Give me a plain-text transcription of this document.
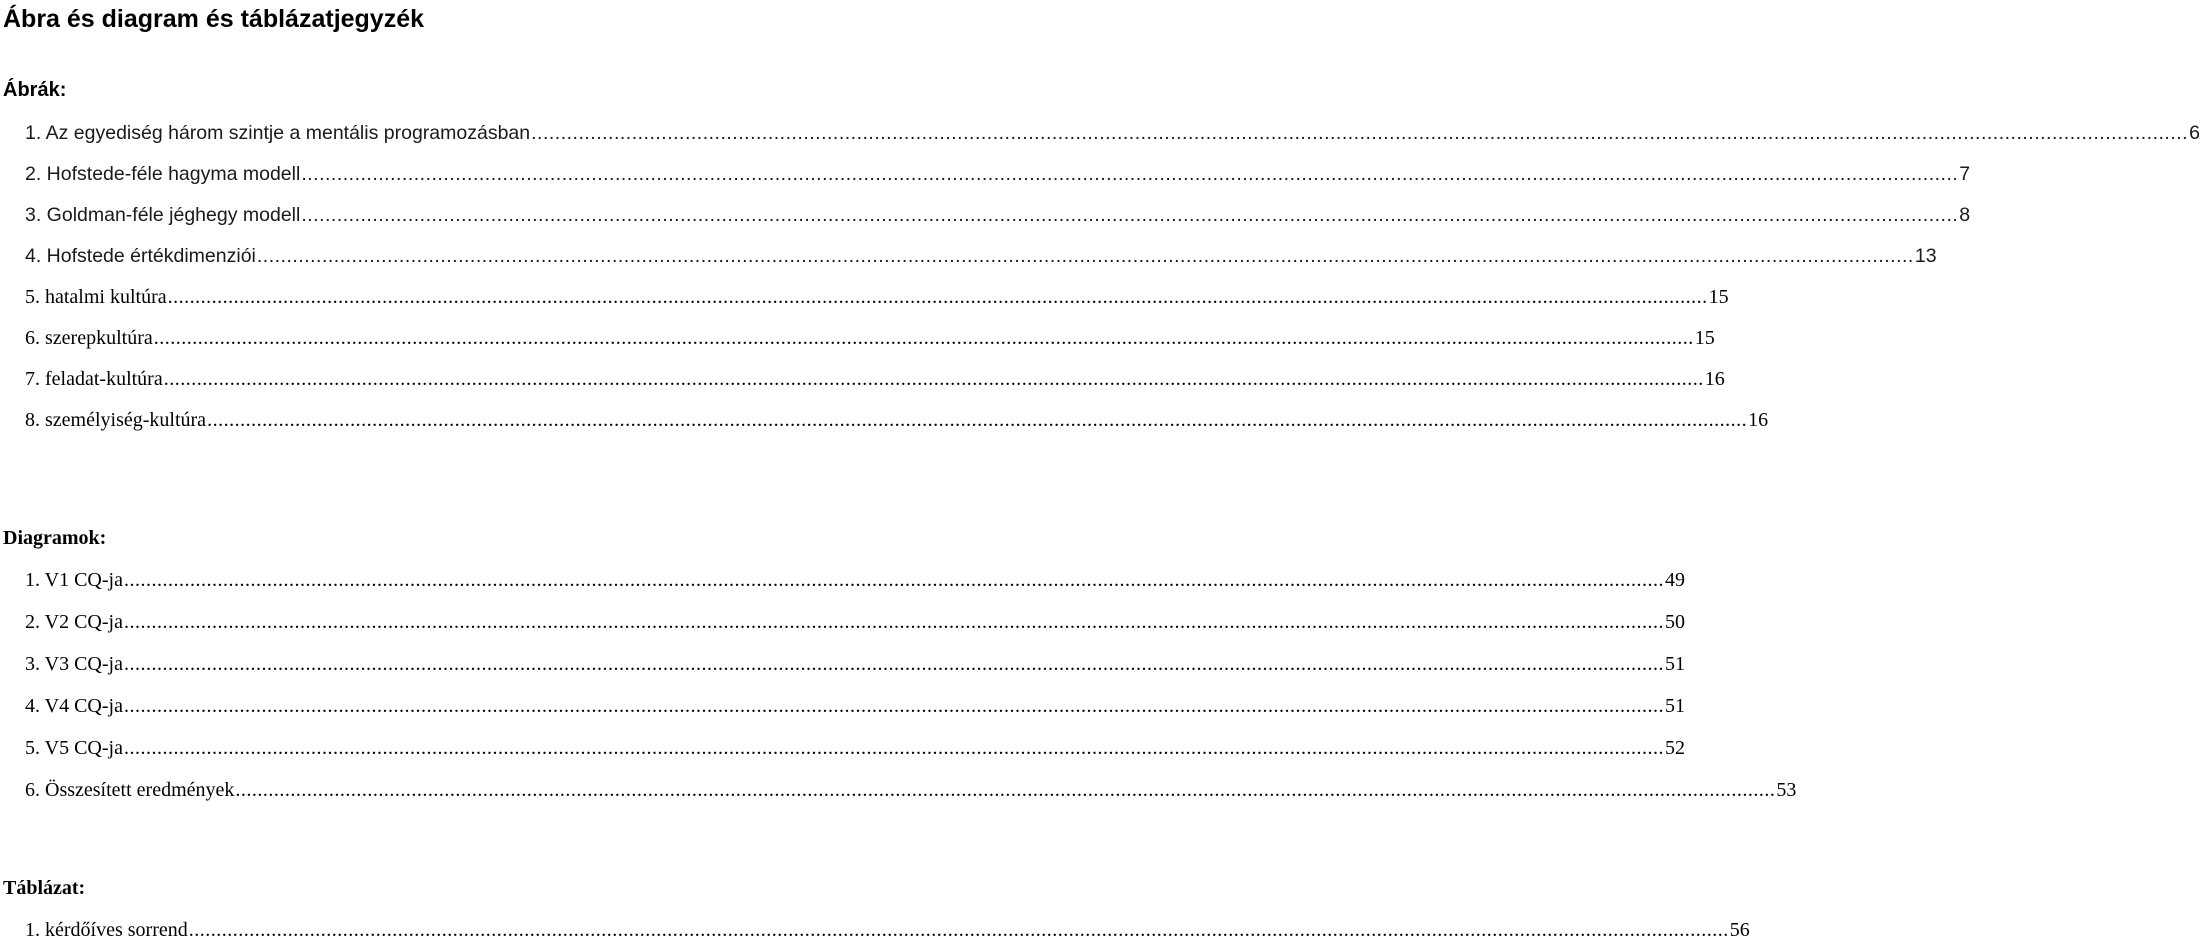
Ábra és diagram és táblázatjegyzék
Ábrák:
1. Az egyediség három szintje a mentális programozásban .....	6
2. Hofstede-féle hagyma modell .....	7
3. Goldman-féle jéghegy modell .....	8
4. Hofstede értékdimenziói .....	13
5. hatalmi kultúra .....	15
6. szerepkultúra .....	15
7. feladat-kultúra .....	16
8. személyiség-kultúra .....	16
Diagramok:
1. V1 CQ-ja .....	49
2. V2 CQ-ja .....	50
3. V3 CQ-ja .....	51
4. V4 CQ-ja .....	51
5. V5 CQ-ja .....	52
6. Összesített eredmények .....	53
Táblázat:
1. kérdőíves sorrend .....	56
